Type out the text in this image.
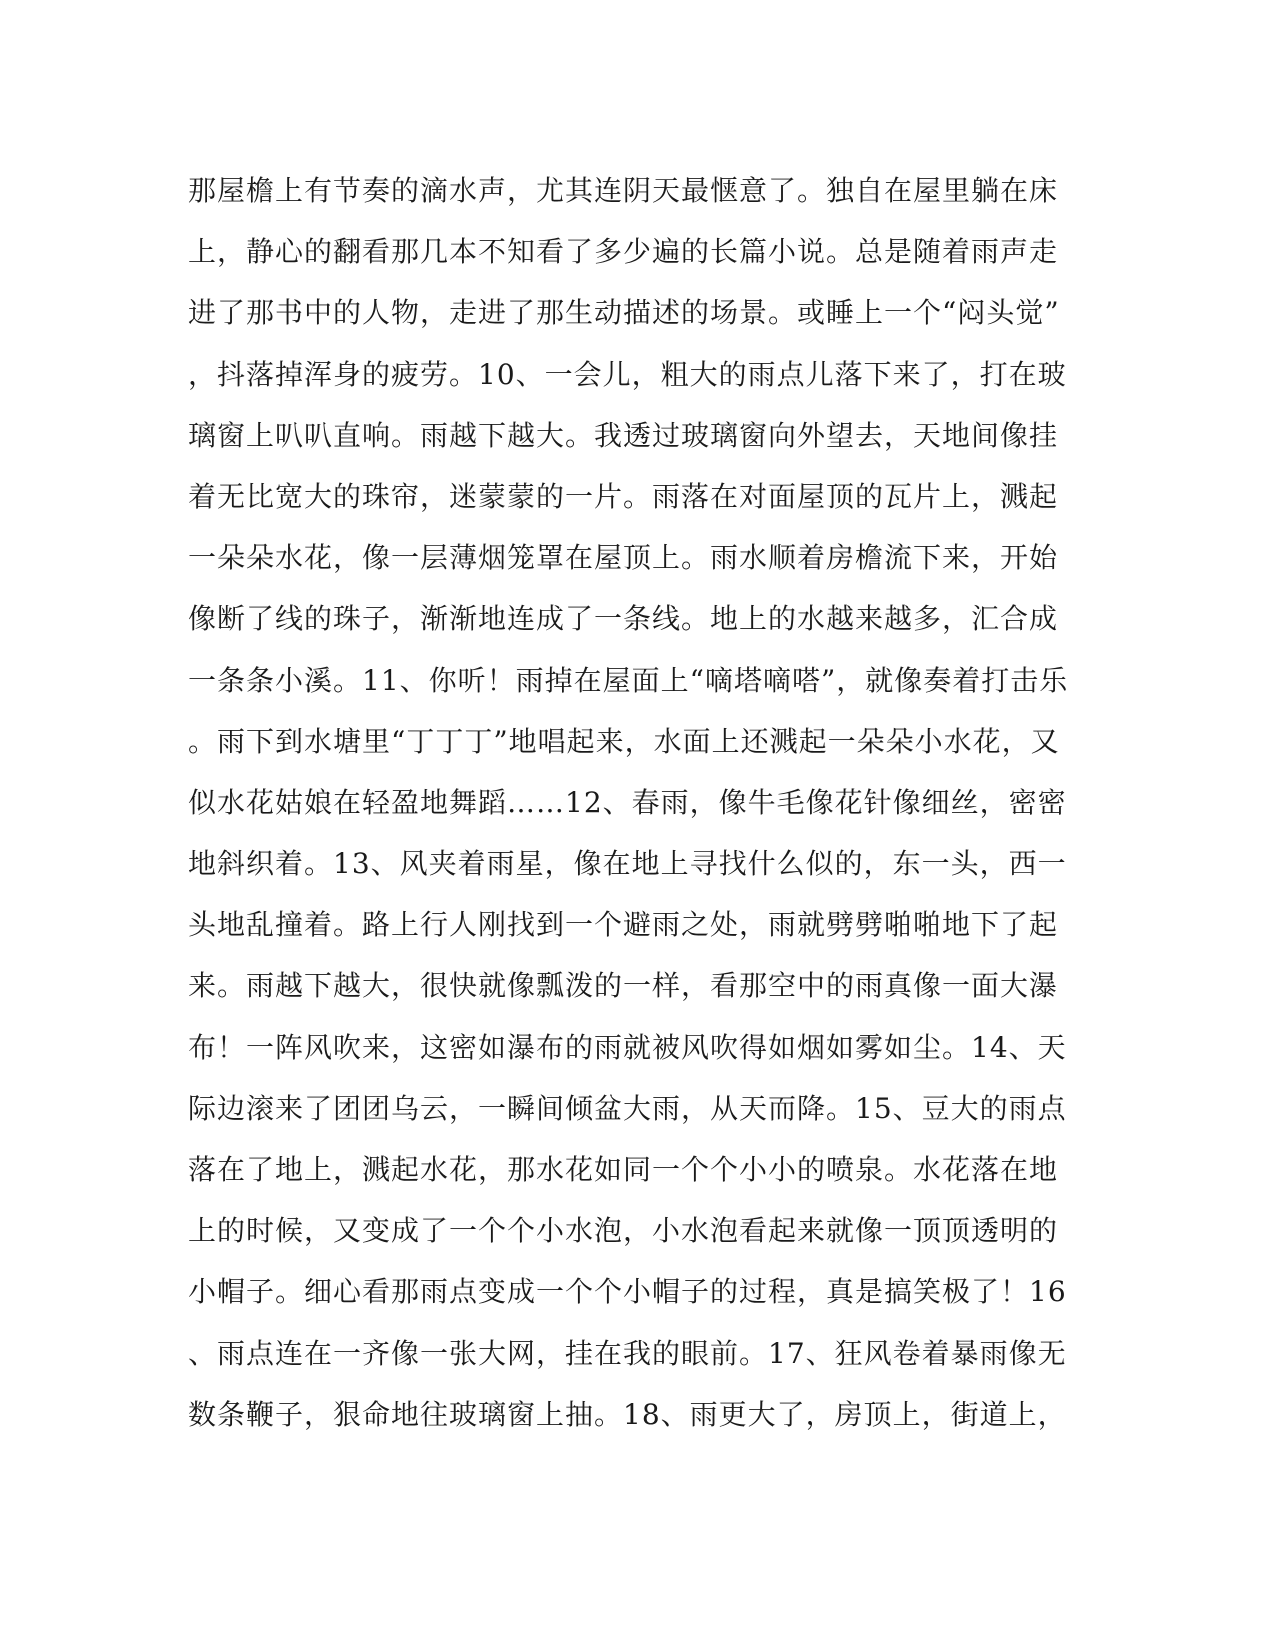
那屋檐上有节奏的滴水声，尤其连阴天最惬意了。独自在屋里躺在床
上，静心的翻看那几本不知看了多少遍的长篇小说。总是随着雨声走
进了那书中的人物，走进了那生动描述的场景。或睡上一个“闷头觉”
，抖落掉浑身的疲劳。10、一会儿，粗大的雨点儿落下来了，打在玻
璃窗上叭叭直响。雨越下越大。我透过玻璃窗向外望去，天地间像挂
着无比宽大的珠帘，迷蒙蒙的一片。雨落在对面屋顶的瓦片上，溅起
一朵朵水花，像一层薄烟笼罩在屋顶上。雨水顺着房檐流下来，开始
像断了线的珠子，渐渐地连成了一条线。地上的水越来越多，汇合成
一条条小溪。11、你听！雨掉在屋面上“嘀塔嘀嗒”，就像奏着打击乐
。雨下到水塘里“丁丁丁”地唱起来，水面上还溅起一朵朵小水花，又
似水花姑娘在轻盈地舞蹈……12、春雨，像牛毛像花针像细丝，密密
地斜织着。13、风夹着雨星，像在地上寻找什么似的，东一头，西一
头地乱撞着。路上行人刚找到一个避雨之处，雨就劈劈啪啪地下了起
来。雨越下越大，很快就像瓢泼的一样，看那空中的雨真像一面大瀑
布！一阵风吹来，这密如瀑布的雨就被风吹得如烟如雾如尘。14、天
际边滚来了团团乌云，一瞬间倾盆大雨，从天而降。15、豆大的雨点
落在了地上，溅起水花，那水花如同一个个小小的喷泉。水花落在地
上的时候，又变成了一个个小水泡，小水泡看起来就像一顶顶透明的
小帽子。细心看那雨点变成一个个小帽子的过程，真是搞笑极了！16
、雨点连在一齐像一张大网，挂在我的眼前。17、狂风卷着暴雨像无
数条鞭子，狠命地往玻璃窗上抽。18、雨更大了，房顶上，街道上，
